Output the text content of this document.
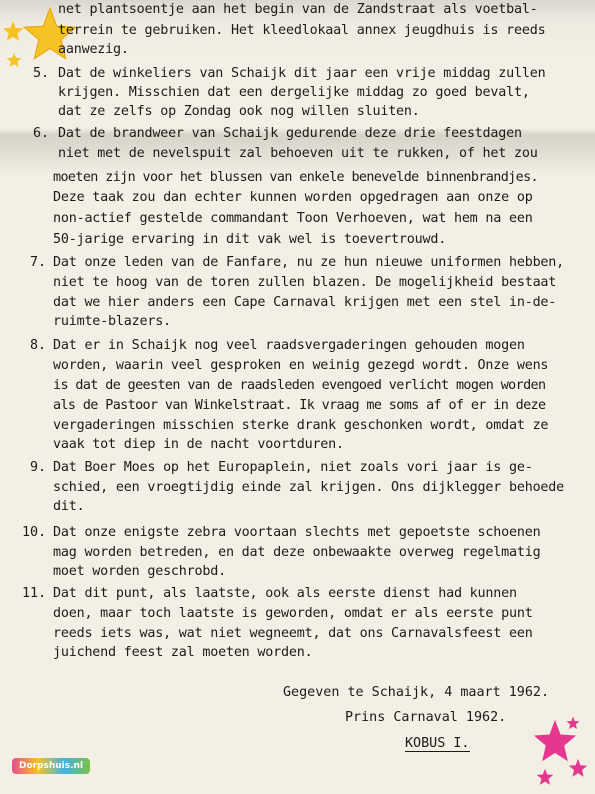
Dorpshuis.nl
net plantsoentje aan het begin van de Zandstraat als voetbal-
terrein te gebruiken. Het kleedlokaal annex jeugdhuis is reeds
aanwezig.
5. Dat de winkeliers van Schaijk dit jaar een vrije middag zullen
krijgen. Misschien dat een dergelijke middag zo goed bevalt,
dat ze zelfs op Zondag ook nog willen sluiten.
6. Dat de brandweer van Schaijk gedurende deze drie feestdagen
niet met de nevelspuit zal behoeven uit te rukken, of het zou
moeten zijn voor het blussen van enkele benevelde binnenbrandjes.
Deze taak zou dan echter kunnen worden opgedragen aan onze op
non-actief gestelde commandant Toon Verhoeven, wat hem na een
50-jarige ervaring in dit vak wel is toevertrouwd.
7. Dat onze leden van de Fanfare, nu ze hun nieuwe uniformen hebben,
niet te hoog van de toren zullen blazen. De mogelijkheid bestaat
dat we hier anders een Cape Carnaval krijgen met een stel in-de-
ruimte-blazers.
8. Dat er in Schaijk nog veel raadsvergaderingen gehouden mogen
worden, waarin veel gesproken en weinig gezegd wordt. Onze wens
is dat de geesten van de raadsleden evengoed verlicht mogen worden
als de Pastoor van Winkelstraat. Ik vraag me soms af of er in deze
vergaderingen misschien sterke drank geschonken wordt, omdat ze
vaak tot diep in de nacht voortduren.
9. Dat Boer Moes op het Europaplein, niet zoals vori jaar is ge-
schied, een vroegtijdig einde zal krijgen. Ons dijklegger behoede
dit.
10. Dat onze enigste zebra voortaan slechts met gepoetste schoenen
mag worden betreden, en dat deze onbewaakte overweg regelmatig
moet worden geschrobd.
11. Dat dit punt, als laatste, ook als eerste dienst had kunnen
doen, maar toch laatste is geworden, omdat er als eerste punt
reeds iets was, wat niet wegneemt, dat ons Carnavalsfeest een
juichend feest zal moeten worden.
Gegeven te Schaijk, 4 maart 1962.
Prins Carnaval 1962.
KOBUS I.
